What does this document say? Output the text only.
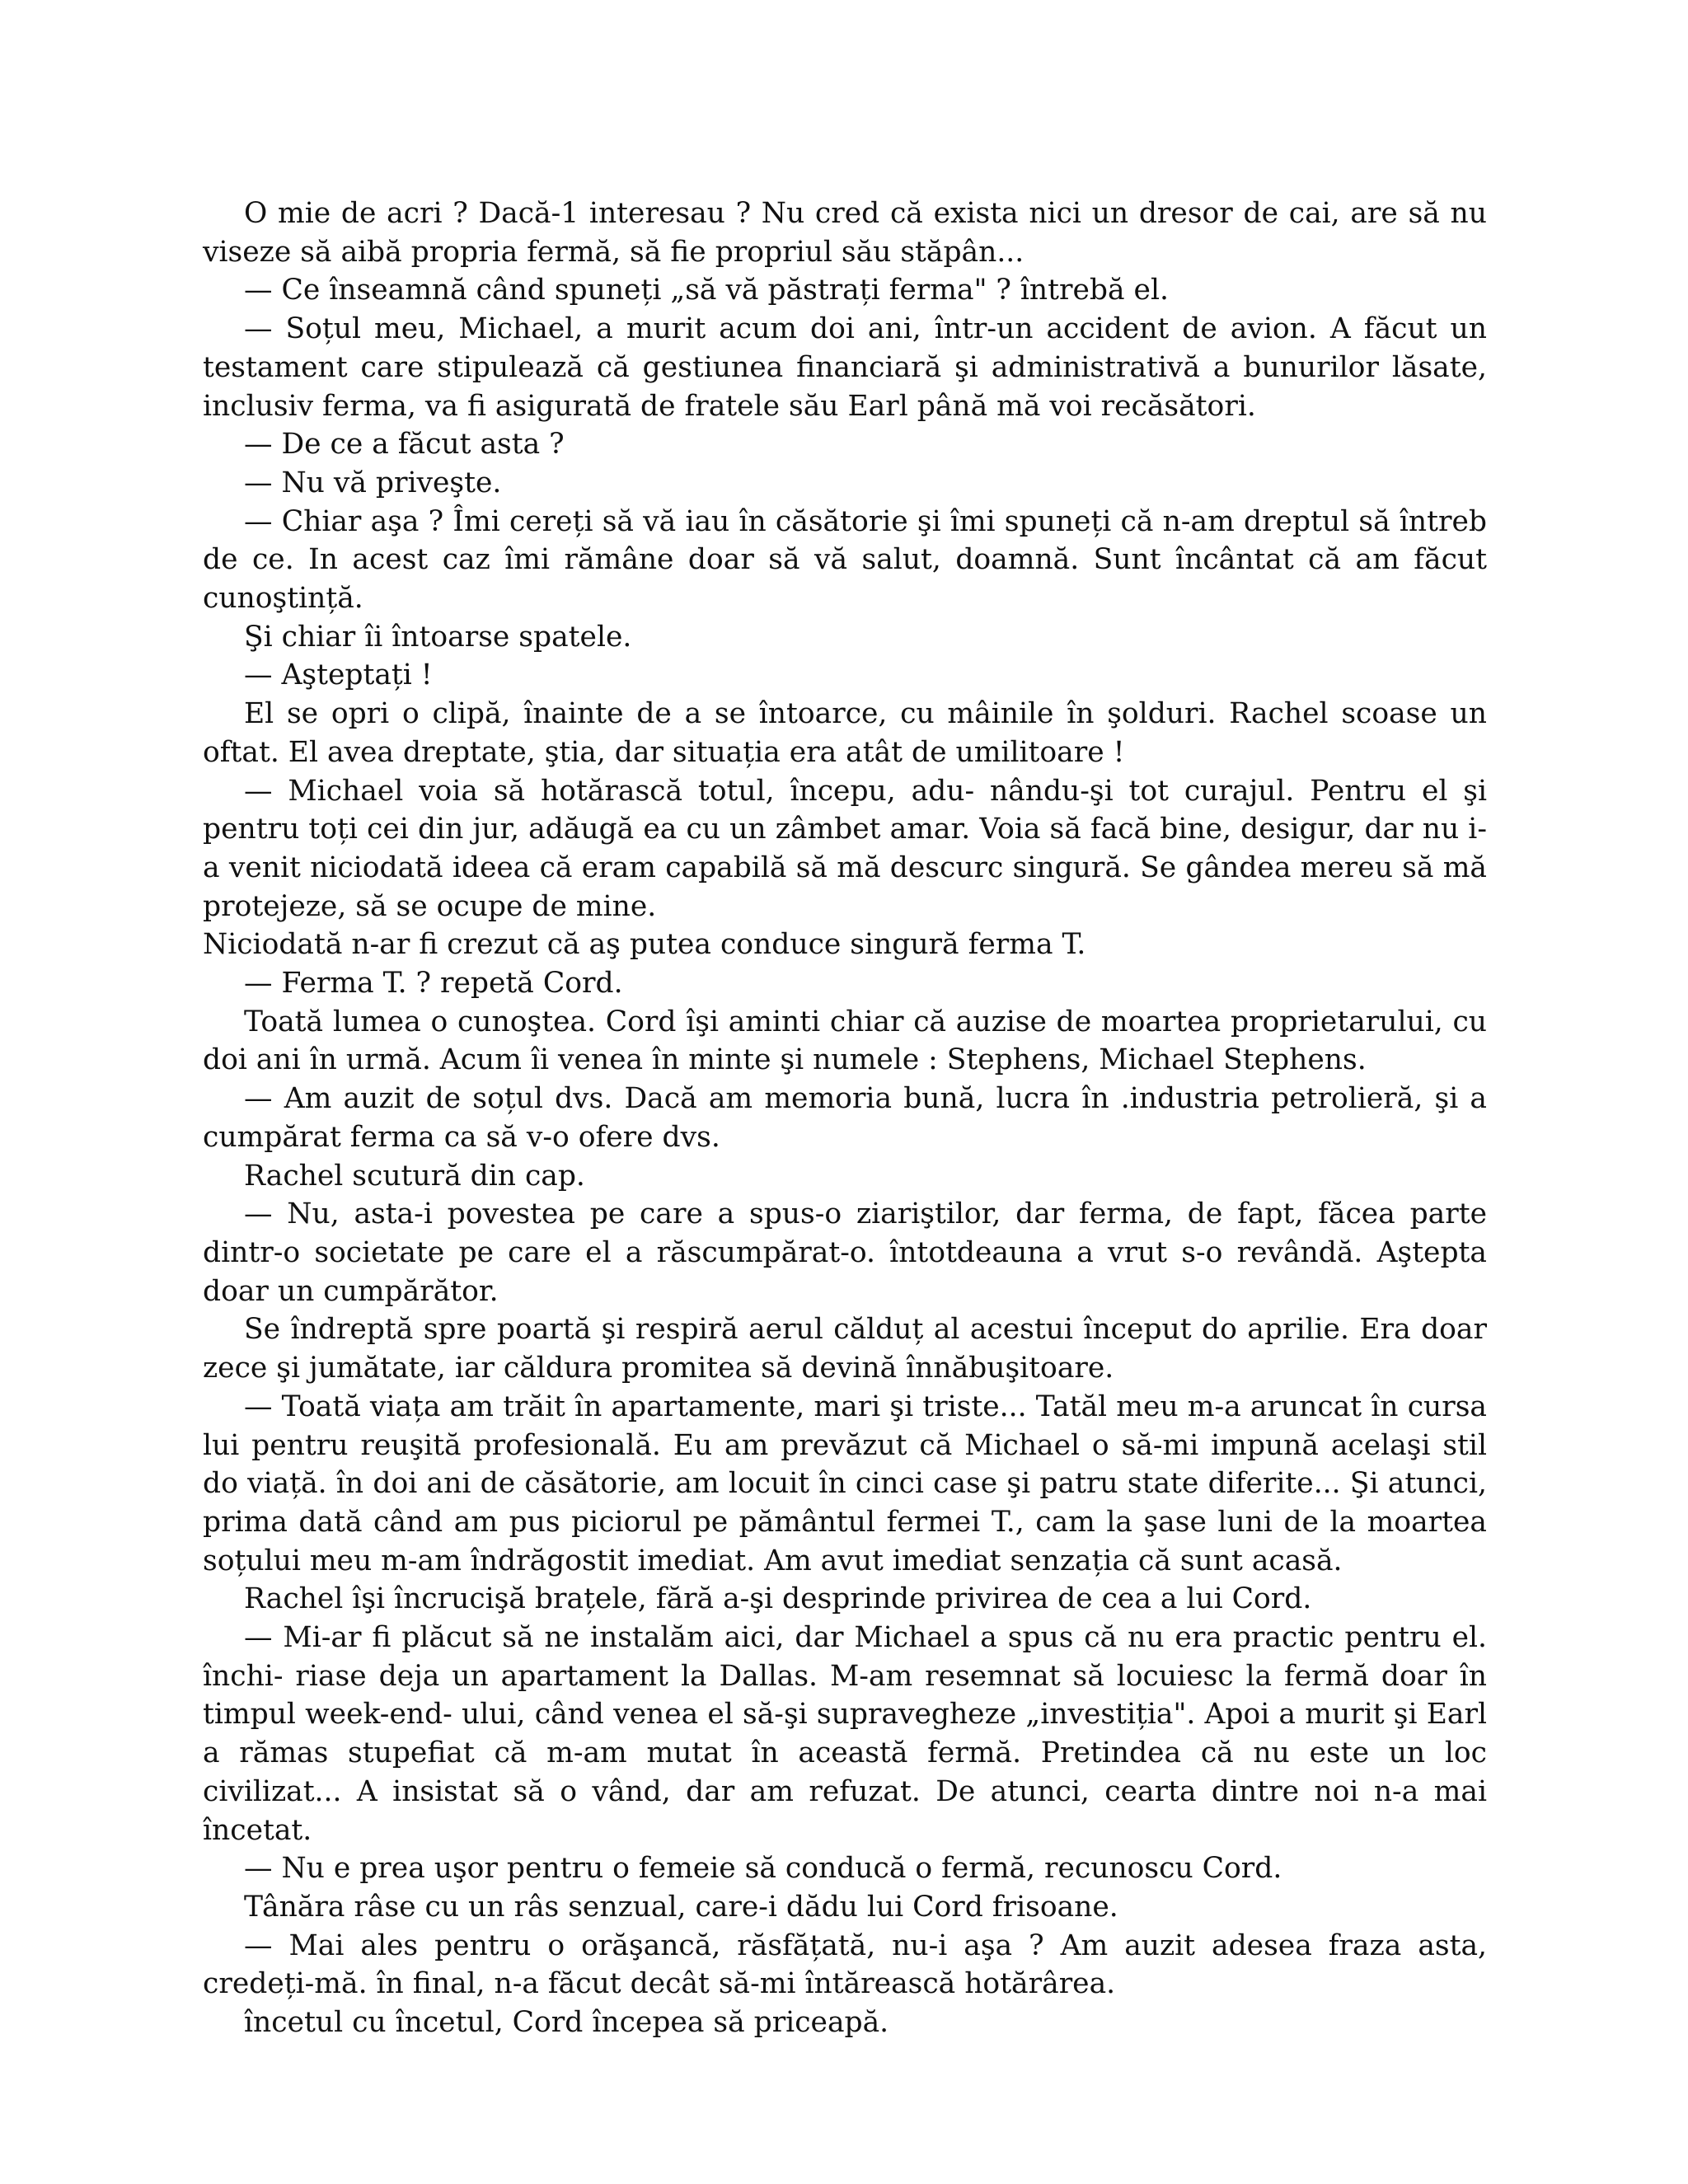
O mie de acri ? Dacă-1 interesau ? Nu cred că exista nici un dresor de cai, are să nu viseze să aibă propria fermă, să fie propriul său stăpân...

— Ce înseamnă când spuneți „să vă păstrați ferma" ? întrebă el.

— Soțul meu, Michael, a murit acum doi ani, într-un accident de avion. A făcut un testament care stipulează că gestiunea financiară şi administrativă a bunurilor lăsate, inclusiv ferma, va fi asigurată de fratele său Earl până mă voi recăsători.

— De ce a făcut asta ?

— Nu vă priveşte.

— Chiar aşa ? Îmi cereți să vă iau în căsătorie şi îmi spuneți că n-am dreptul să întreb de ce. In acest caz îmi rămâne doar să vă salut, doamnă. Sunt încântat că am făcut cunoştință.

Şi chiar îi întoarse spatele.

— Aşteptați !

El se opri o clipă, înainte de a se întoarce, cu mâinile în şolduri. Rachel scoase un oftat. El avea dreptate, ştia, dar situația era atât de umilitoare !

— Michael voia să hotărască totul, începu, adu- nându-şi tot curajul. Pentru el şi pentru toți cei din jur, adăugă ea cu un zâmbet amar. Voia să facă bine, desigur, dar nu i-a venit niciodată ideea că eram capabilă să mă descurc singură. Se gândea mereu să mă protejeze, să se ocupe de mine.

Niciodată n-ar fi crezut că aş putea conduce singură ferma T.

— Ferma T. ? repetă Cord.

Toată lumea o cunoştea. Cord îşi aminti chiar că auzise de moartea proprietarului, cu doi ani în urmă. Acum îi venea în minte şi numele : Stephens, Michael Stephens.

— Am auzit de soțul dvs. Dacă am memoria bună, lucra în .industria petrolieră, şi a cumpărat ferma ca să v-o ofere dvs.

Rachel scutură din cap.

— Nu, asta-i povestea pe care a spus-o ziariştilor, dar ferma, de fapt, făcea parte dintr-o societate pe care el a răscumpărat-o. întotdeauna a vrut s-o revândă. Aştepta doar un cumpărător.

Se îndreptă spre poartă şi respiră aerul călduț al acestui început do aprilie. Era doar zece şi jumătate, iar căldura promitea să devină înnăbuşitoare.

— Toată viața am trăit în apartamente, mari şi triste... Tatăl meu m-a aruncat în cursa lui pentru reuşită profesională. Eu am prevăzut că Michael o să-mi impună acelaşi stil do viață. în doi ani de căsătorie, am locuit în cinci case şi patru state diferite... Şi atunci, prima dată când am pus piciorul pe pământul fermei T., cam la şase luni de la moartea soțului meu m-am îndrăgostit imediat. Am avut imediat senzația că sunt acasă.

Rachel îşi încrucişă brațele, fără a-şi desprinde privirea de cea a lui Cord.

— Mi-ar fi plăcut să ne instalăm aici, dar Michael a spus că nu era practic pentru el. închi- riase deja un apartament la Dallas. M-am resemnat să locuiesc la fermă doar în timpul week-end- ului, când venea el să-şi supravegheze „investiția". Apoi a murit şi Earl a rămas stupefiat că m-am mutat în această fermă. Pretindea că nu este un loc civilizat... A insistat să o vând, dar am refuzat. De atunci, cearta dintre noi n-a mai încetat.

— Nu e prea uşor pentru o femeie să conducă o fermă, recunoscu Cord.

Tânăra râse cu un râs senzual, care-i dădu lui Cord frisoane.

— Mai ales pentru o orăşancă, răsfățată, nu-i aşa ? Am auzit adesea fraza asta, credeți-mă. în final, n-a făcut decât să-mi întărească hotărârea.

încetul cu încetul, Cord începea să priceapă.
